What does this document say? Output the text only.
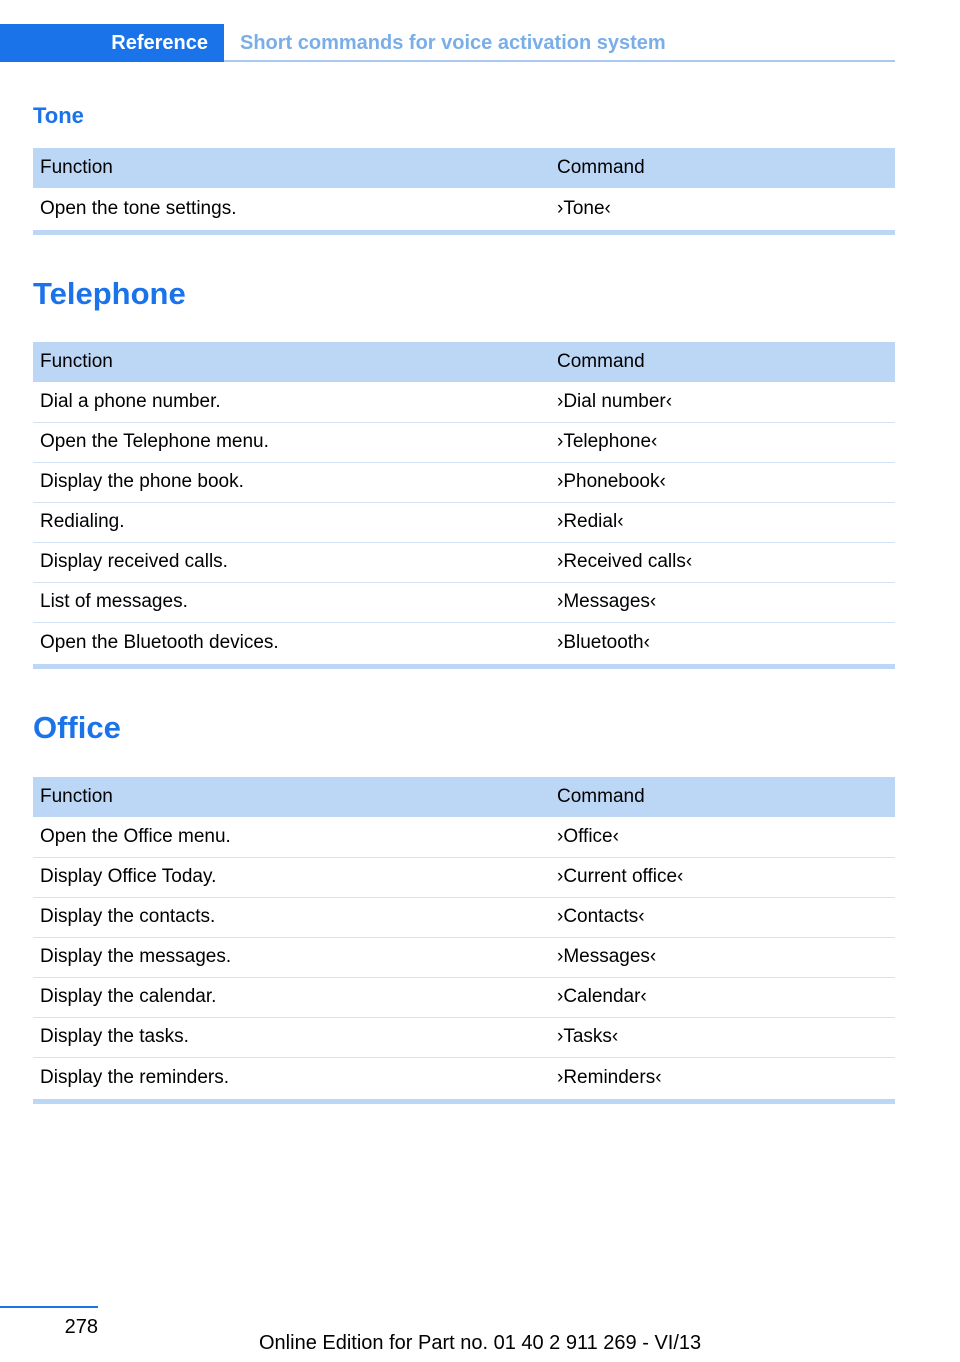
Reference	Short commands for voice activation system
Tone
Function	Command
Open the tone settings.	›Tone‹
Telephone
Function	Command
Dial a phone number.	›Dial number‹
Open the Telephone menu.	›Telephone‹
Display the phone book.	›Phonebook‹
Redialing.	›Redial‹
Display received calls.	›Received calls‹
List of messages.	›Messages‹
Open the Bluetooth devices.	›Bluetooth‹
Office
Function	Command
Open the Office menu.	›Office‹
Display Office Today.	›Current office‹
Display the contacts.	›Contacts‹
Display the messages.	›Messages‹
Display the calendar.	›Calendar‹
Display the tasks.	›Tasks‹
Display the reminders.	›Reminders‹
278
Online Edition for Part no. 01 40 2 911 269 - VI/13
